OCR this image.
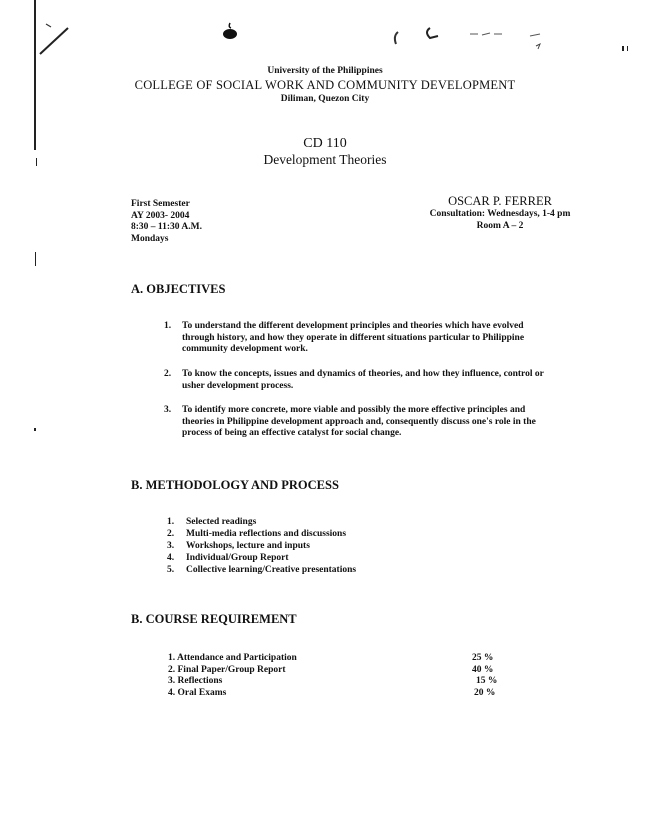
University of the Philippines
COLLEGE OF SOCIAL WORK AND COMMUNITY DEVELOPMENT
Diliman, Quezon City
CD 110
Development Theories
First Semester
AY 2003- 2004
8:30 – 11:30 A.M.
Mondays
OSCAR P. FERRER
Consultation: Wednesdays, 1-4 pm
Room A – 2
A. OBJECTIVES
1.	To understand the different development principles and theories which have evolved
through history, and how they operate in different situations particular to Philippine
community development work.
2.	To know the concepts, issues and dynamics of theories, and how they influence, control or
usher development process.
3.	To identify more concrete, more viable and possibly the more effective principles and
theories in Philippine development approach and, consequently discuss one's role in the
process of being an effective catalyst for social change.
B. METHODOLOGY AND PROCESS
1. Selected readings
2. Multi-media reflections and discussions
3. Workshops, lecture and inputs
4. Individual/Group Report
5. Collective learning/Creative presentations
B. COURSE REQUIREMENT
1. Attendance and Participation	25 %
2. Final Paper/Group Report	40 %
3. Reflections	15 %
4. Oral Exams	20 %
